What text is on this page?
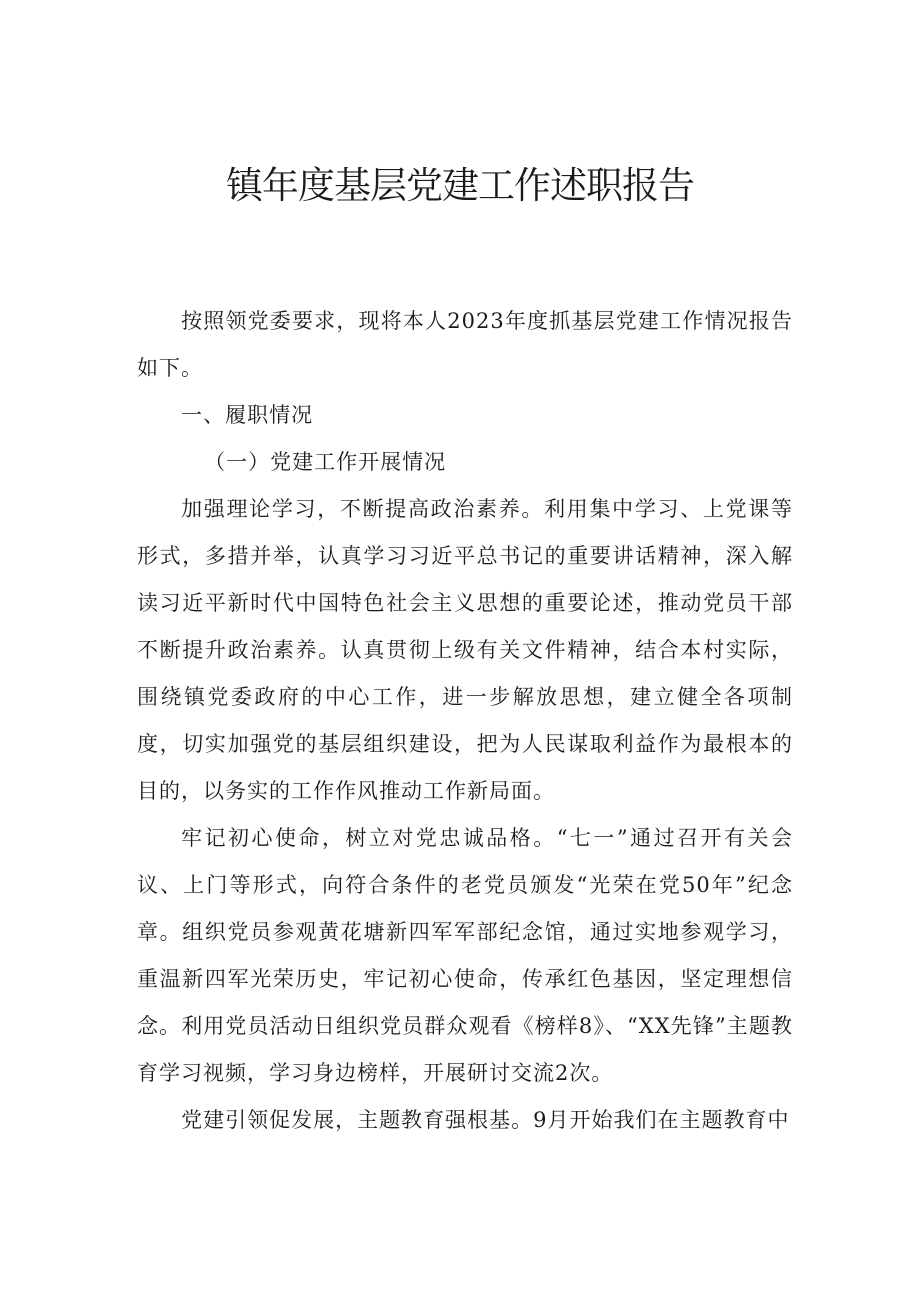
镇年度基层党建工作述职报告

按照领党委要求，现将本人2023年度抓基层党建工作情况报告如下。

一、履职情况
（一）党建工作开展情况

加强理论学习，不断提高政治素养。利用集中学习、上党课等形式，多措并举，认真学习习近平总书记的重要讲话精神，深入解读习近平新时代中国特色社会主义思想的重要论述，推动党员干部不断提升政治素养。认真贯彻上级有关文件精神，结合本村实际，围绕镇党委政府的中心工作，进一步解放思想，建立健全各项制度，切实加强党的基层组织建设，把为人民谋取利益作为最根本的目的，以务实的工作作风推动工作新局面。

牢记初心使命，树立对党忠诚品格。“七一”通过召开有关会议、上门等形式，向符合条件的老党员颁发“光荣在党50年”纪念章。组织党员参观黄花塘新四军军部纪念馆，通过实地参观学习，重温新四军光荣历史，牢记初心使命，传承红色基因，坚定理想信念。利用党员活动日组织党员群众观看《榜样8》、“XX先锋”主题教育学习视频，学习身边榜样，开展研讨交流2次。

党建引领促发展，主题教育强根基。9月开始我们在主题教育中
